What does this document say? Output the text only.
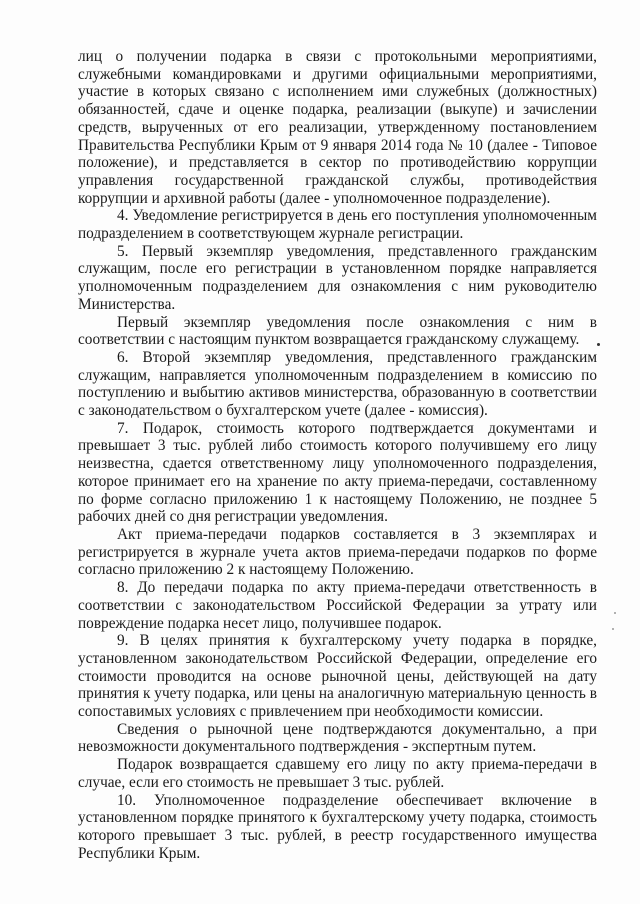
лиц о получении подарка в связи с протокольными мероприятиями, служебными командировками и другими официальными мероприятиями, участие в которых связано с исполнением ими служебных (должностных) обязанностей, сдаче и оценке подарка, реализации (выкупе) и зачислении средств, вырученных от его реализации, утвержденному постановлением Правительства Республики Крым от 9 января 2014 года № 10 (далее - Типовое положение), и представляется в сектор по противодействию коррупции управления государственной гражданской службы, противодействия коррупции и архивной работы (далее - уполномоченное подразделение).

4. Уведомление регистрируется в день его поступления уполномоченным подразделением в соответствующем журнале регистрации.

5. Первый экземпляр уведомления, представленного гражданским служащим, после его регистрации в установленном порядке направляется уполномоченным подразделением для ознакомления с ним руководителю Министерства.

Первый экземпляр уведомления после ознакомления с ним в соответствии с настоящим пунктом возвращается гражданскому служащему.

6. Второй экземпляр уведомления, представленного гражданским служащим, направляется уполномоченным подразделением в комиссию по поступлению и выбытию активов министерства, образованную в соответствии с законодательством о бухгалтерском учете (далее - комиссия).

7. Подарок, стоимость которого подтверждается документами и превышает 3 тыс. рублей либо стоимость которого получившему его лицу неизвестна, сдается ответственному лицу уполномоченного подразделения, которое принимает его на хранение по акту приема-передачи, составленному по форме согласно приложению 1 к настоящему Положению, не позднее 5 рабочих дней со дня регистрации уведомления.

Акт приема-передачи подарков составляется в 3 экземплярах и регистрируется в журнале учета актов приема-передачи подарков по форме согласно приложению 2 к настоящему Положению.

8. До передачи подарка по акту приема-передачи ответственность в соответствии с законодательством Российской Федерации за утрату или повреждение подарка несет лицо, получившее подарок.

9. В целях принятия к бухгалтерскому учету подарка в порядке, установленном законодательством Российской Федерации, определение его стоимости проводится на основе рыночной цены, действующей на дату принятия к учету подарка, или цены на аналогичную материальную ценность в сопоставимых условиях с привлечением при необходимости комиссии.

Сведения о рыночной цене подтверждаются документально, а при невозможности документального подтверждения - экспертным путем.

Подарок возвращается сдавшему его лицу по акту приема-передачи в случае, если его стоимость не превышает 3 тыс. рублей.

10. Уполномоченное подразделение обеспечивает включение в установленном порядке принятого к бухгалтерскому учету подарка, стоимость которого превышает 3 тыс. рублей, в реестр государственного имущества Республики Крым.
